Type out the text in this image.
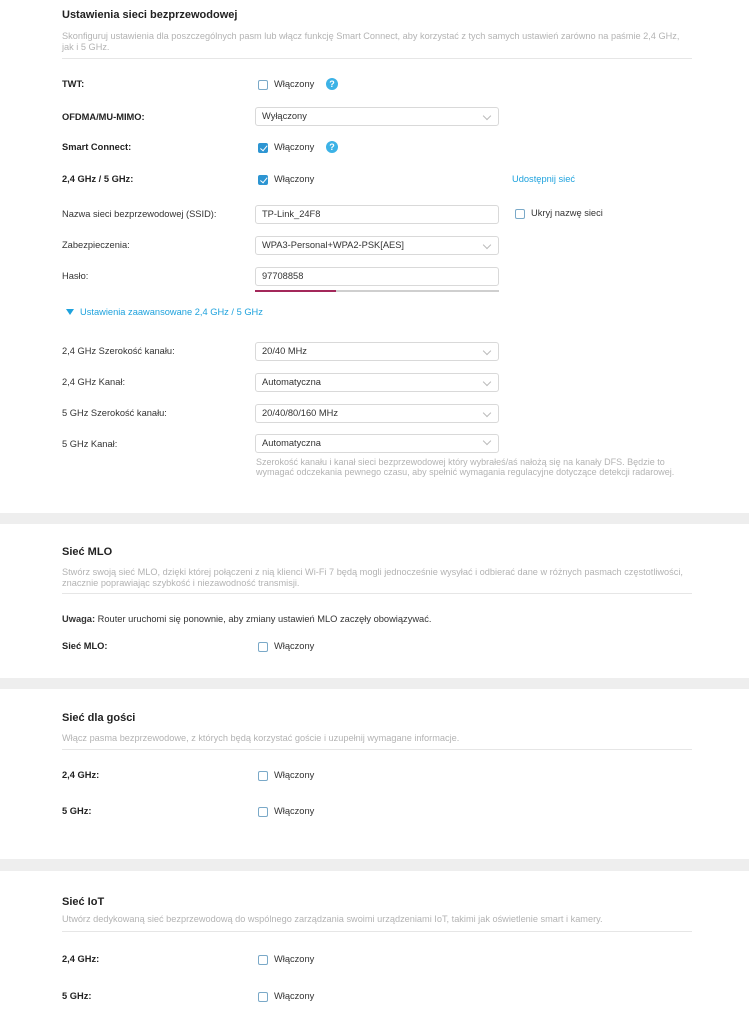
Ustawienia sieci bezprzewodowej
Skonfiguruj ustawienia dla poszczególnych pasm lub włącz funkcję Smart Connect, aby korzystać z tych samych ustawień zarówno na paśmie 2,4 GHz, jak i 5 GHz.
TWT:	Włączony	?
OFDMA/MU-MIMO:	Wyłączony
Smart Connect:	Włączony	?
2,4 GHz / 5 GHz:	Włączony	Udostępnij sieć
Nazwa sieci bezprzewodowej (SSID):	TP-Link_24F8	Ukryj nazwę sieci
Zabezpieczenia:	WPA3-Personal+WPA2-PSK[AES]
Hasło:	97708858
Ustawienia zaawansowane 2,4 GHz / 5 GHz
2,4 GHz Szerokość kanału:	20/40 MHz
2,4 GHz Kanał:	Automatyczna
5 GHz Szerokość kanału:	20/40/80/160 MHz
5 GHz Kanał:	Automatyczna
Szerokość kanału i kanał sieci bezprzewodowej który wybrałeś/aś nałożą się na kanały DFS. Będzie to wymagać odczekania pewnego czasu, aby spełnić wymagania regulacyjne dotyczące detekcji radarowej.
Sieć MLO
Stwórz swoją sieć MLO, dzięki której połączeni z nią klienci Wi-Fi 7 będą mogli jednocześnie wysyłać i odbierać dane w różnych pasmach częstotliwości, znacznie poprawiając szybkość i niezawodność transmisji.
Uwaga: Router uruchomi się ponownie, aby zmiany ustawień MLO zaczęły obowiązywać.
Sieć MLO:	Włączony
Sieć dla gości
Włącz pasma bezprzewodowe, z których będą korzystać goście i uzupełnij wymagane informacje.
2,4 GHz:	Włączony
5 GHz:	Włączony
Sieć IoT
Utwórz dedykowaną sieć bezprzewodową do wspólnego zarządzania swoimi urządzeniami IoT, takimi jak oświetlenie smart i kamery.
2,4 GHz:	Włączony
5 GHz:	Włączony
